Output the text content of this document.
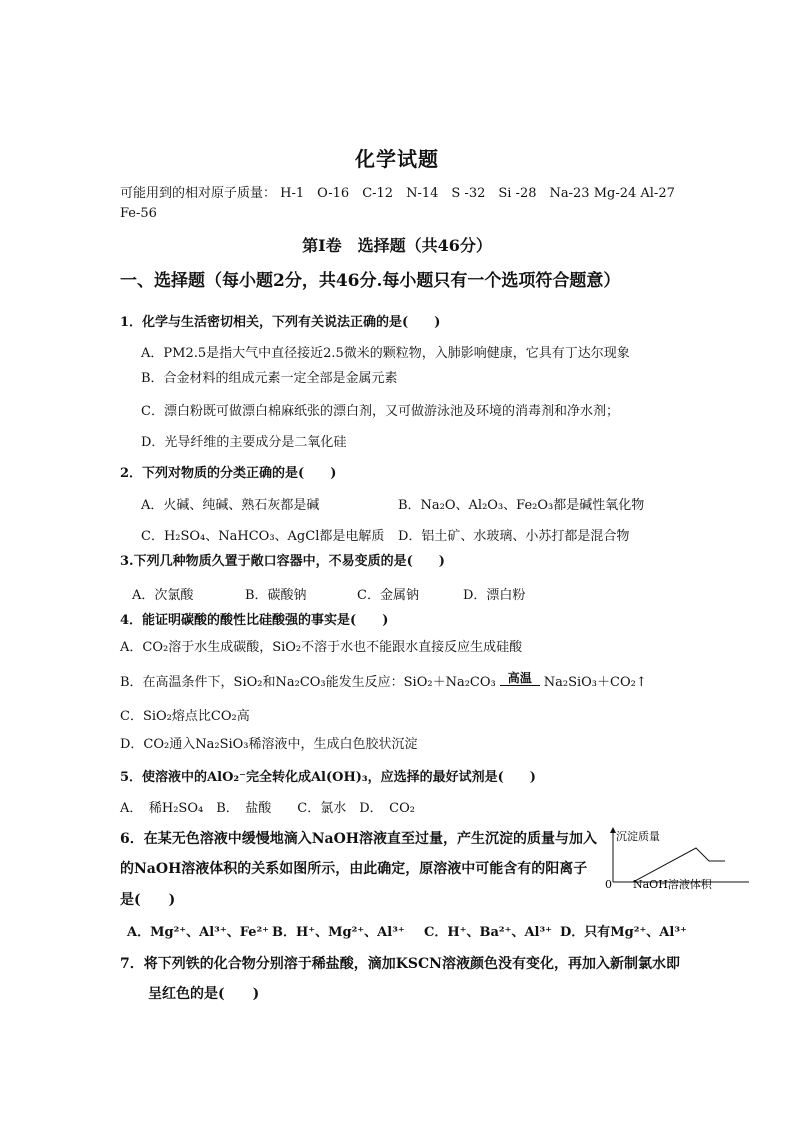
化学试题
可能用到的相对原子质量： H-1　O-16　C-12　N-14　S -32　Si -28　Na-23 Mg-24 Al-27
Fe-56
第Ⅰ卷　选择题（共46分）
一、选择题（每小题2分，共46分.每小题只有一个选项符合题意）
1．化学与生活密切相关，下列有关说法正确的是(　　)
A．PM2.5是指大气中直径接近2.5微米的颗粒物，入肺影响健康，它具有丁达尔现象
B．合金材料的组成元素一定全部是金属元素
C．漂白粉既可做漂白棉麻纸张的漂白剂，又可做游泳池及环境的消毒剂和净水剂；
D．光导纤维的主要成分是二氧化硅
2．下列对物质的分类正确的是(　　)
A．火碱、纯碱、熟石灰都是碱	B．Na₂O、Al₂O₃、Fe₂O₃都是碱性氧化物
C．H₂SO₄、NaHCO₃、AgCl都是电解质 D．铝土矿、水玻璃、小苏打都是混合物
3.下列几种物质久置于敞口容器中，不易变质的是(　　)
A．次氯酸	B．碳酸钠	C．金属钠	D．漂白粉
4．能证明碳酸的酸性比硅酸强的事实是(　　)
A．CO₂溶于水生成碳酸，SiO₂不溶于水也不能跟水直接反应生成硅酸
B．在高温条件下，SiO₂和Na₂CO₃能发生反应：SiO₂＋Na₂CO₃ 高温 Na₂SiO₃＋CO₂↑
C．SiO₂熔点比CO₂高
D．CO₂通入Na₂SiO₃稀溶液中，生成白色胶状沉淀
5．使溶液中的AlO₂⁻完全转化成Al(OH)₃，应选择的最好试剂是(　　)
A．　稀H₂SO₄　B．　盐酸　　C．氯水　D．　CO₂
6．在某无色溶液中缓慢地滴入NaOH溶液直至过量，产生沉淀的质量与加入
的NaOH溶液体积的关系如图所示，由此确定，原溶液中可能含有的阳离子
是(　　)
沉淀质量
NaOH溶液体积
0
A．Mg²⁺、Al³⁺、Fe²⁺ B．H⁺、Mg²⁺、Al³⁺ C．H⁺、Ba²⁺、Al³⁺ D．只有Mg²⁺、Al³⁺
7．将下列铁的化合物分别溶于稀盐酸，滴加KSCN溶液颜色没有变化，再加入新制氯水即
呈红色的是(　　)
